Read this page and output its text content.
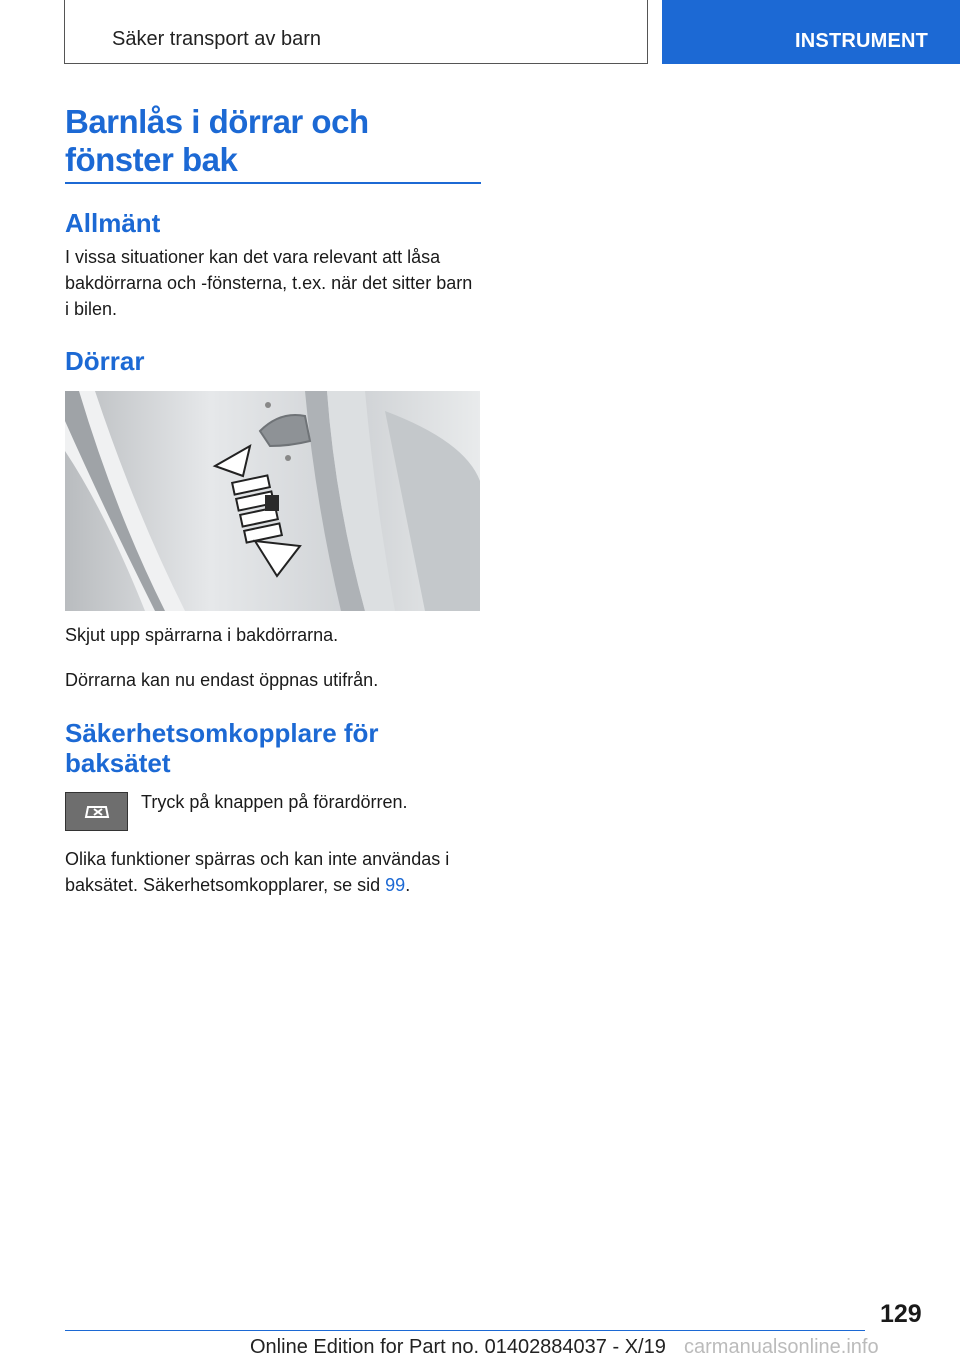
Säker transport av barn	INSTRUMENT
Barnlås i dörrar och fönster bak
Allmänt

I vissa situationer kan det vara relevant att låsa bakdörrarna och -fönsterna, t.ex. när det sitter barn i bilen.

Dörrar

Skjut upp spärrarna i bakdörrarna.

Dörrarna kan nu endast öppnas utifrån.

Säkerhetsomkopplare för baksätet

Tryck på knappen på förardörren.

Olika funktioner spärras och kan inte användas i baksätet. Säkerhetsomkopplarer, se sid 99.

129
Online Edition for Part no. 01402884037 - X/19 carmanualsonline.info
